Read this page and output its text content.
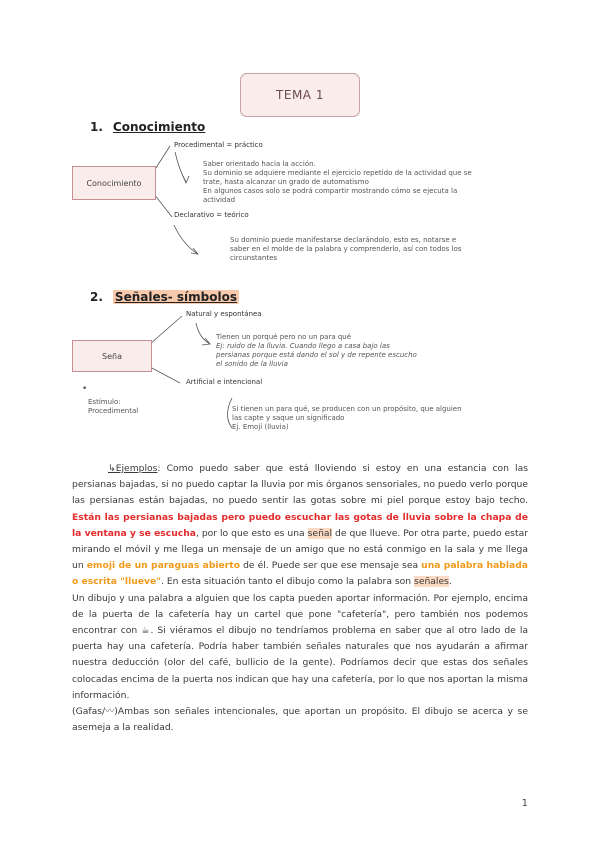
TEMA 1
1. Conocimiento
Conocimiento
Procedimental = práctico
Saber orientado hacia la acción.
Su dominio se adquiere mediante el ejercicio repetido de la actividad que se
trate, hasta alcanzar un grado de automatismo
En algunos casos solo se podrá compartir mostrando cómo se ejecuta la
actividad
Declarativo = teórico
Su dominio puede manifestarse declarándolo, esto es, notarse e
saber en el molde de la palabra y comprenderlo, así con todos los
circunstantes
2. Señales- símbolos
Seña
Natural y espontánea
Tienen un porqué pero no un para qué
Ej: ruido de la lluvia. Cuando llego a casa bajo las
persianas porque está dando el sol y de repente escucho
el sonido de la lluvia
Artificial e intencional
•
Estímulo:
Procedimental	Sí tienen un para qué, se producen con un propósito, que alguien
las capte y saque un significado
Ej. Emoji (lluvia)

↳Ejemplos: Como puedo saber que está lloviendo si estoy en una estancia con las persianas bajadas, si no puedo captar la lluvia por mis órganos sensoriales, no puedo verlo porque las persianas están bajadas, no puedo sentir las gotas sobre mi piel porque estoy bajo techo. Están las persianas bajadas pero puedo escuchar las gotas de lluvia sobre la chapa de la ventana y se escucha, por lo que esto es una señal de que llueve. Por otra parte, puedo estar mirando el móvil y me llega un mensaje de un amigo que no está conmigo en la sala y me llega un emoji de un paraguas abierto de él. Puede ser que ese mensaje sea una palabra hablada o escrita "llueve". En esta situación tanto el dibujo como la palabra son señales.

Un dibujo y una palabra a alguien que los capta pueden aportar información. Por ejemplo, encima de la puerta de la cafetería hay un cartel que pone "cafetería", pero también nos podemos encontrar con ☕. Si viéramos el dibujo no tendríamos problema en saber que al otro lado de la puerta hay una cafetería. Podría haber también señales naturales que nos ayudarán a afirmar nuestra deducción (olor del café, bullicio de la gente). Podríamos decir que estas dos señales colocadas encima de la puerta nos indican que hay una cafetería, por lo que nos aportan la misma información.

(Gafas/〰)Ambas son señales intencionales, que aportan un propósito. El dibujo se acerca y se asemeja a la realidad.

1
